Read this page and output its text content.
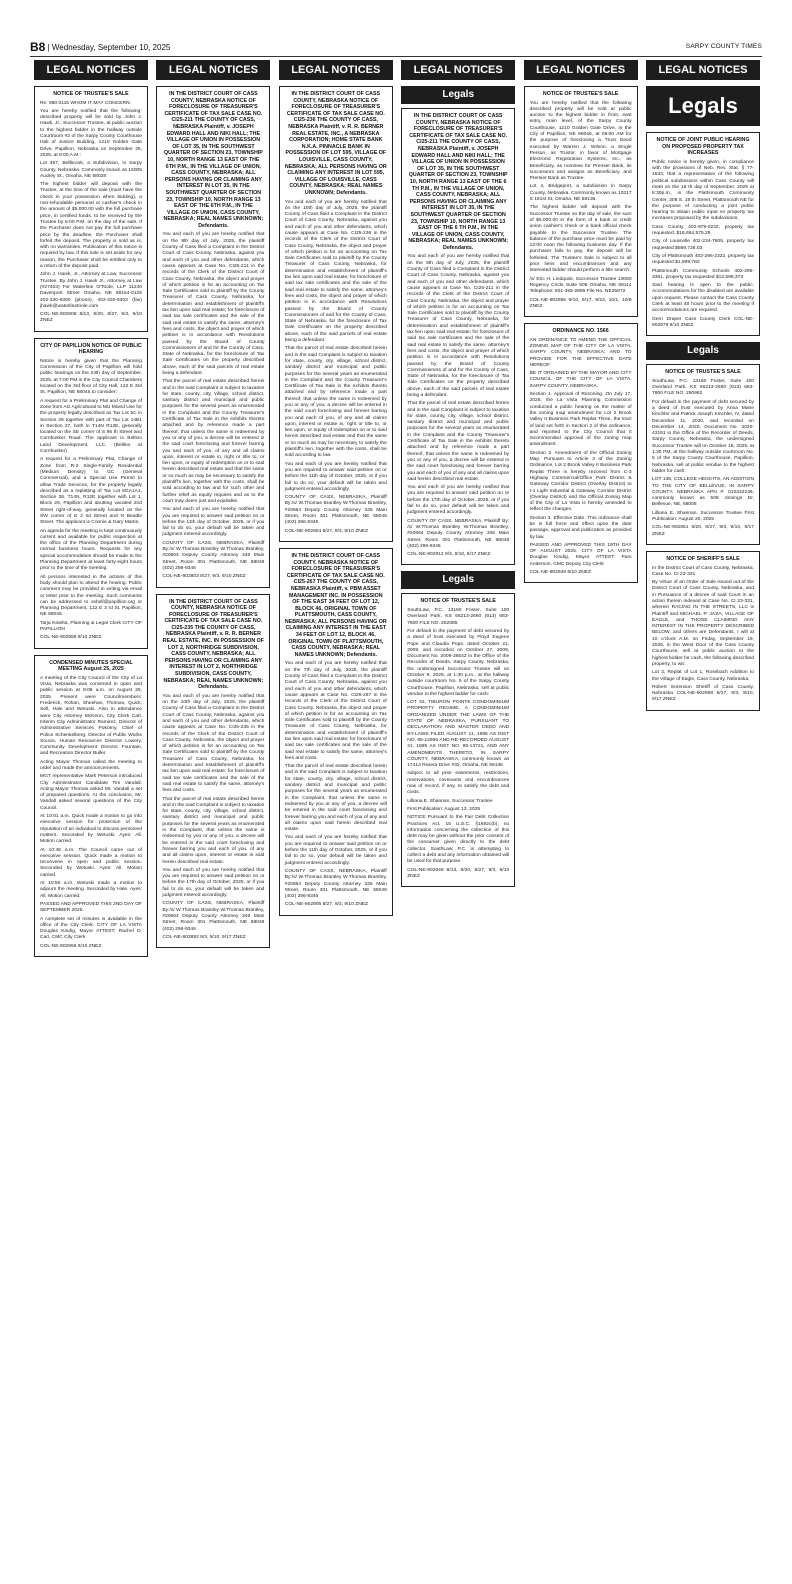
B8 | Wednesday, September 10, 2025	SARPY COUNTY TIMES
LEGAL NOTICES
NOTICE OF TRUSTEE'S SALE

Re: 880.0115 WHOM IT MAY CONCERN:

You are hereby notified that the following-described property will be sold by John J. Hawk, Jr., Successor Trustee, at public auction to the highest bidder in the hallway outside Courtroom #2 of the Sarpy County Courthouse Hall of Justice Building, 1210 Golden Gate Drive, Papillion, Nebraska on September 25, 2025, at 9:00 A.M.:

Lot 457, Bellbrook, a Subdivision, in Sarpy County, Nebraska. Commonly known as 15005 Audrey St., Omaha, NE 68028

The highest bidder will deposit with the Trustee, at the time of the sale (must have the check in your possession when bidding), a non-refundable personal or cashier's check in the amount of $5,000.00 with the full purchase price, in certified funds, to be received by the Trustee by 5:00 P.M. on the day of the sale. If the Purchaser does not pay the full purchase price by the deadline, the Purchaser shall forfeit the deposit. The property is sold as is, with no warranties. Publication of this notice is required by law. If this sale is set aside for any reason, the Purchaser shall be entitled only to a return of the deposit paid.

John J. Hawk, Jr., Attorney at Law, Successor Trustee, By John J. Hawk Jr., Attorney at Law (#27403) For Waterline O'Toole, LLP 11240 Davenport Street Omaha, NE 68154-0125 402-330-6300 (phone), 402-330-6303 (fax) jhawk@waterlinetoole.com

COL-NE-902808 8/13, 8/20, 8/27, 9/3, 9/10 ZNEZ

CITY OF PAPILLION NOTICE OF PUBLIC HEARING

Notice is hereby given that the Planning Commission of the City of Papillion will hold public hearings on the 24th day of September, 2025, at 7:00 PM in the City Council Chambers located on the 3rd floor of City Hall, 122 E 3rd St, Papillion, NE 68046 to consider:

A request for a Preliminary Plat and Change of Zone from AG Agricultural to MU Mixed Use for the property legally described as Tax Lot 5C in Section 28 together with part of Tax Lot 14B1 in Section 27, both in T14N R12E, generally located on the SE corner of S 96 th Street and Cornhusker Road. The applicant is Bellino Land Development, LLC. (Bellino at Cornhusker)

A request for a Preliminary Plat, Change of Zone from R-2 Single-Family Residential (Medium Density) to GC (General Commercial), and a Special Use Permit to allow Trade Services, for the property legally described as a replatting of Tax Lot 8GA1A1, Section 26, T14N, R12E together with Lot 1, Block 26, Papillion and abutting vacated 2nd Street right-of-way, generally located on the SW corner of E 2 nd Street and N Beadle Street. The applicant is Connie & Gary Martin.

An agenda for the meeting is kept continuously current and available for public inspection at the office of the Planning Department during normal business hours. Requests for any special accommodation should be made to the Planning Department at least forty-eight hours prior to the time of the meeting.

All persons interested in the actions of this body should plan to attend the hearing. Public comment may be provided in writing via email or letter prior to the meeting. Such comments can be addressed to sshell@papillion.org or Planning Department, 122 E 3 rd St, Papillion, NE 68046.

Tarja Kotelta, Planning & Legal Clerk CITY OF PAPILLION

COL-NE-902958 9/10 ZNEZ

CONDENSED MINUTES SPECIAL MEETING August 25, 2025

A meeting of the City Council of the City of La Vista, Nebraska was convened in open and public session at 9:08 a.m. on August 25, 2025. Present were Councilmembers: Frederick, Rohan, Sheehan, Thomas, Quick, Sell, Hale and Wetuski. Also in attendance were City Attorney McKeon, City Clerk Carl, Interim City Administrator Ramirez, Director of Administrative Services Pokorny, Chief of Police Schenkelberg, Director of Public Works Soucie, Human Resources Director Lowery, Community Development Director Fountain, and Recreation Director Buller.

Acting Mayor Thomas called the meeting to order and made the announcements.

MGT representative Mark Peterson introduced City Administrator Candidate Tim Vandall. Acting Mayor Thomas asked Mr. Vandall a set of prepared questions. At the conclusion, Mr. Vandall asked several questions of the City Council.

At 10:01 a.m. Quick made a motion to go into executive session for protection of the reputation of an individual to discuss personnel matters. Seconded by Wetuski. Ayes: All. Motion carried.

At 10:48 a.m. The Council came out of executive session. Quick made a motion to reconvene in open and public session. Seconded by Wetuski. Ayes: All. Motion carried.

At 10:50 a.m. Wetuski made a motion to adjourn the meeting. Seconded by Hale. Ayes: All. Motion carried.

PASSED AND APPROVED THIS 2ND DAY OF SEPTEMBER 2025.

A complete set of minutes is available in the office of the City Clerk. CITY OF LA VISTA Douglas Kindig, Mayor ATTEST: Rachel D. Carl, CMC City Clerk

COL-NE-902956 9/10 ZNEZ

LEGAL NOTICES
IN THE DISTRICT COURT OF CASS COUNTY, NEBRASKA NOTICE OF FORECLOSURE OF TREASURER'S CERTIFICATE OF TAX SALE CASE NO. CI25-211 THE COUNTY OF CASS, NEBRASKA Plaintiff, v. JOSEPH EDWARD HALL AND NIKI HALL; THE VILLAGE OF UNION IN POSSESSION OF LOT 35, IN THE SOUTHWEST QUARTER OF SECTION 23, TOWNSHIP 10, NORTH RANGE 13 EAST OF THE 6TH P.M., IN THE VILLAGE OF UNION, CASS COUNTY, NEBRASKA; ALL PERSONS HAVING OR CLAIMING ANY INTEREST IN LOT 35, IN THE SOUTHWEST QUARTER OF SECTION 23, TOWNSHIP 10, NORTH RANGE 13 EAST OF THE 6TH P.M., IN THE VILLAGE OF UNION, CASS COUNTY, NEBRASKA; REAL NAMES UNKNOWN; Defendants.

You and each of you are hereby notified that on the 8th day of July, 2025, the plaintiff County of Cass filed a Complaint in the District Court of Cass County, Nebraska, against you and each of you and other defendants, which cause appears at Case No. CI25-211 in the records of the Clerk of the District Court of Cass County, Nebraska, the object and prayer of which petition is for an accounting on Tax Sale Certificates sold to plaintiff by the County Treasurer of Cass County, Nebraska, for determination and establishment of plaintiff's tax lien upon said real estate; for foreclosure of said tax sale certificates and the sale of the said real estate to satisfy the same, attorney's fees and costs, the object and prayer of which petition is in accordance with Resolutions passed by the Board of County Commissioners of and for the County of Cass, State of Nebraska, for the foreclosure of Tax Sale Certificates on the property described above, each of the said parcels of real estate being a defendant.

That the parcel of real estate described herein and in the said Complaint is subject to taxation for state, county, city, village, school district, sanitary district and municipal and public purposes for the several years as enumerated in the Complaint and the County Treasurer's Certificate of Tax Sale in the exhibits thereto attached and by reference made a part thereof, that unless the same is redeemed by you or any of you, a decree will be entered in the said court foreclosing and forever barring you and each of you, of any and all claims upon, interest or estate in, right or title to, or lien upon, or equity of redemption on or to said herein described real estate and that the same or so much as may be necessary to satisfy the plaintiff's lien, together with the costs, shall be sold according to law and for such other and further relief as equity requires and as to the court may deem just and equitable.

You and each of you are hereby notified that you are required to answer said petition on or before the 11th day of October, 2025, or if you fail to do so, your default will be taken and judgment entered accordingly.

COUNTY OF CASS, NEBRASKA, Plaintiff By:/s/ W.Thomas Brantley W.Thomas Brantley, #20664 Deputy County Attorney 346 Main Street, Room 301 Plattsmouth, NE 68048 (402) 296-9346

COL-NE-902803 8/27, 9/3, 9/10 ZNEZ

IN THE DISTRICT COURT OF CASS COUNTY, NEBRASKA NOTICE OF FORECLOSURE OF TREASURER'S CERTIFICATE OF TAX SALE CASE NO. CI25-235 THE COUNTY OF CASS, NEBRASKA Plaintiff, v. R. R. BERNER REAL ESTATE, INC. IN POSSESSION OF LOT 2, NORTHRIDGE SUBDIVISION, CASS COUNTY, NEBRASKA; ALL PERSONS HAVING OR CLAIMING ANY INTEREST IN LOT 2, NORTHRIDGE SUBDIVISION, CASS COUNTY, NEBRASKA; REAL NAMES UNKNOWN; Defendants.

You and each of you are hereby notified that on the 10th day of July, 2025, the plaintiff County of Cass filed a Complaint in the District Court of Cass County, Nebraska, against you and each of you and other defendants, which cause appears at Case No. CI25-235 in the records of the Clerk of the District Court of Cass County, Nebraska, the object and prayer of which petition is for an accounting on Tax Sale Certificates sold to plaintiff by the County Treasurer of Cass County, Nebraska, for determination and establishment of plaintiff's tax lien upon said real estate; for foreclosure of said tax sale certificates and the sale of the said real estate to satisfy the same, attorney's fees and costs.

That the parcel of real estate described herein and in the said Complaint is subject to taxation for state, county, city, village, school district, sanitary district and municipal and public purposes for the several years as enumerated in the Complaint, that unless the same is redeemed by you or any of you, a decree will be entered in the said court foreclosing and forever barring you and each of you, of any and all claims upon, interest or estate in said herein described real estate.

You and each of you are hereby notified that you are required to answer said petition on or before the 17th day of October, 2025, or if you fail to do so, your default will be taken and judgment entered accordingly.

COUNTY OF CASS, NEBRASKA, Plaintiff By:/s/ W.Thomas Brantley W.Thomas Brantley, #20664 Deputy County Attorney 346 Main Street, Room 301 Plattsmouth, NE 68048 (402) 296-9346

COL-NE-902892 9/3, 9/10, 9/17 ZNEZ

LEGAL NOTICES
IN THE DISTRICT COURT OF CASS COUNTY, NEBRASKA NOTICE OF FORECLOSURE OF TREASURER'S CERTIFICATE OF TAX SALE CASE NO. CI25-236 THE COUNTY OF CASS, NEBRASKA Plaintiff, v. R. R. BERNER REAL ESTATE, INC., A NEBRASKA CORPORATION; HOME STATE BANK N.K.A. PINNACLE BANK IN POSSESSION OF LOT 595, VILLAGE OF LOUISVILLE, CASS COUNTY, NEBRASKA; ALL PERSONS HAVING OR CLAIMING ANY INTEREST IN LOT 595, VILLAGE OF LOUISVILLE, CASS COUNTY, NEBRASKA; REAL NAMES UNKNOWN; Defendants.

You and each of you are hereby notified that on the 10th day of July, 2025, the plaintiff County of Cass filed a Complaint in the District Court of Cass County, Nebraska, against you and each of you and other defendants, which cause appears at Case No. CI25-236 in the records of the Clerk of the District Court of Cass County, Nebraska, the object and prayer of which petition is for an accounting on Tax Sale Certificates sold to plaintiff by the County Treasurer of Cass County, Nebraska, for determination and establishment of plaintiff's tax lien upon said real estate; for foreclosure of said tax sale certificates and the sale of the said real estate to satisfy the same, attorney's fees and costs, the object and prayer of which petition is in accordance with Resolutions passed by the Board of County Commissioners of and for the County of Cass, State of Nebraska, for the foreclosure of Tax Sale Certificates on the property described above, each of the said parcels of real estate being a defendant.

That the parcel of real estate described herein and in the said Complaint is subject to taxation for state, county, city, village, school district, sanitary district and municipal and public purposes for the several years as enumerated in the Complaint and the County Treasurer's Certificate of Tax Sale in the exhibits thereto attached and by reference made a part thereof, that unless the same is redeemed by you or any of you, a decree will be entered in the said court foreclosing and forever barring you and each of you, of any and all claims upon, interest or estate in, right or title to, or lien upon, or equity of redemption on or to said herein described real estate and that the same or so much as may be necessary to satisfy the plaintiff's lien, together with the costs, shall be sold according to law.

You and each of you are hereby notified that you are required to answer said petition on or before the 11th day of October, 2025, or if you fail to do so, your default will be taken and judgment entered accordingly.

COUNTY OF CASS, NEBRASKA, Plaintiff By:/s/ W.Thomas Brantley W.Thomas Brantley, #20664 Deputy County Attorney 346 Main Street, Room 301 Plattsmouth, NE 68048 (402) 296-9346

COL-NE-902804 8/27, 9/3, 9/10 ZNEZ

IN THE DISTRICT COURT OF CASS COUNTY, NEBRASKA NOTICE OF FORECLOSURE OF TREASURER'S CERTIFICATE OF TAX SALE CASE NO. CI25-267 THE COUNTY OF CASS, NEBRASKA Plaintiff, v. PBM ASSET MANAGEMENT INC. IN POSSESSION OF THE EAST 34 FEET OF LOT 12, BLOCK 46, ORIGINAL TOWN OF PLATTSMOUTH, CASS COUNTY, NEBRASKA; ALL PERSONS HAVING OR CLAIMING ANY INTEREST IN THE EAST 34 FEET OF LOT 12, BLOCK 46, ORIGINAL TOWN OF PLATTSMOUTH, CASS COUNTY, NEBRASKA; REAL NAMES UNKNOWN; Defendants.

You and each of you are hereby notified that on the 7th day of July, 2025, the plaintiff County of Cass filed a Complaint in the District Court of Cass County, Nebraska, against you and each of you and other defendants, which cause appears at Case No. CI25-267 in the records of the Clerk of the District Court of Cass County, Nebraska, the object and prayer of which petition is for an accounting on Tax Sale Certificates sold to plaintiff by the County Treasurer of Cass County, Nebraska, for determination and establishment of plaintiff's tax lien upon said real estate; for foreclosure of said tax sale certificates and the sale of the said real estate to satisfy the same, attorney's fees and costs.

That the parcel of real estate described herein and in the said Complaint is subject to taxation for state, county, city, village, school district, sanitary district and municipal and public purposes for the several years as enumerated in the Complaint, that unless the same is redeemed by you or any of you, a decree will be entered in the said court foreclosing and forever barring you and each of you of any and all claims upon said herein described real estate.

You and each of you are hereby notified that you are required to answer said petition on or before the 11th day of October, 2025, or if you fail to do so, your default will be taken and judgment entered accordingly.

COUNTY OF CASS, NEBRASKA, Plaintiff By:/s/ W.Thomas Brantley W.Thomas Brantley, #20664 Deputy County Attorney 346 Main Street, Room 301 Plattsmouth, NE 68048 (402) 296-9346

COL-NE-902805 8/27, 9/3, 9/10 ZNEZ

LEGAL NOTICES
Legals
IN THE DISTRICT COURT OF CASS COUNTY, NEBRASKA NOTICE OF FORECLOSURE OF TREASURER'S CERTIFICATE OF TAX SALE CASE NO. CI25-211 THE COUNTY OF CASS, NEBRASKA Plaintiff, v. JOSEPH EDWARD HALL AND NIKI HALL; THE VILLAGE OF UNION IN POSSESSION OF LOT 35, IN THE SOUTHWEST QUARTER OF SECTION 23, TOWNSHIP 10, NORTH RANGE 13 EAST OF THE 6 TH P.M., IN THE VILLAGE OF UNION, CASS COUNTY, NEBRASKA; ALL PERSONS HAVING OR CLAIMING ANY INTEREST IN LOT 35, IN THE SOUTHWEST QUARTER OF SECTION 23, TOWNSHIP 10, NORTH RANGE 13 EAST OF THE 6 TH P.M., IN THE VILLAGE OF UNION, CASS COUNTY, NEBRASKA; REAL NAMES UNKNOWN; Defendants.

You and each of you are hereby notified that on the 8th day of July, 2025, the plaintiff County of Cass filed a Complaint in the District Court of Cass County, Nebraska, against you and each of you and other defendants, which cause appears at Case No. CI25-211 in the records of the Clerk of the District Court of Cass County, Nebraska, the object and prayer of which petition is for an accounting on Tax Sale Certificates sold to plaintiff by the County Treasurer of Cass County, Nebraska, for determination and establishment of plaintiff's tax lien upon said real estate; for foreclosure of said tax sale certificates and the sale of the said real estate to satisfy the same, attorney's fees and costs, the object and prayer of which petition is in accordance with Resolutions passed by the Board of County Commissioners of and for the County of Cass, State of Nebraska, for the foreclosure of Tax Sale Certificates on the property described above, each of the said parcels of real estate being a defendant.

That the parcel of real estate described herein and in the said Complaint is subject to taxation for state, county, city, village, school district, sanitary district and municipal and public purposes for the several years as enumerated in the Complaint and the County Treasurer's Certificate of Tax Sale in the exhibits thereto attached and by reference made a part thereof, that unless the same is redeemed by you or any of you, a decree will be entered in the said court foreclosing and forever barring you and each of you of any and all claims upon said herein described real estate.

You and each of you are hereby notified that you are required to answer said petition on or before the 17th day of October, 2025, or if you fail to do so, your default will be taken and judgment entered accordingly.

COUNTY OF CASS, NEBRASKA, Plaintiff By: /s/ W.Thomas Brantley W.Thomas Brantley, #20664 Deputy County Attorney 346 Main Street, Room 301 Plattsmouth, NE 68048 (402) 296-9346

COL-NE-902912 9/3, 9/10, 9/17 ZNEZ

Legals
NOTICE OF TRUSTEE'S SALE

SouthLaw, P.C. 13160 Foster, Suite 100 Overland Park, KS 66213-2660 (913) 663-7600 FILE NO. 252085

For default in the payment of debt secured by a deed of trust executed by Floyd Eugene Pope and Claudia Pope, dated October 21, 2009, and recorded on October 27, 2009, Document No. 2009-36542 in the Office of the Recorder of Deeds, Sarpy County, Nebraska, the undersigned Successor Trustee will on October 9, 2025, at 1:30 p.m., at the hallway outside courtroom No. 5 of the Sarpy County Courthouse, Papillion, Nebraska, sell at public vendue to the highest bidder for cash:

LOT 32, TIBURON POINTE CONDOMINIUM PROPERTY REGIME, A CONDOMINIUM ORGANIZED UNDER THE LAWS OF THE STATE OF NEBRASKA, PURSUANT TO DECLARATION AND MASTER DEED AND BY-LAWS FILED AUGUST 11, 1995 AS INST NO. 95-12965 AND RE-RECORDED AUGUST 21, 1995 AS INST NO. 95-13721, AND ANY AMENDMENTS THERETO, IN SARPY COUNTY, NEBRASKA, commonly known as 17414 Riviera Drive #32, Omaha, NE 68136

subject to all prior easements, restrictions, reservations, covenants and encumbrances now of record, if any, to satisfy the debt and costs.

Lilliana E. Shannan, Successor Trustee

First Publication: August 13, 2025

NOTICE Pursuant to the Fair Debt Collection Practices Act, 15 U.S.C. §1692c(b), no information concerning the collection of this debt may be given without the prior consent of the consumer given directly to the debt collector. SouthLaw, P.C. is attempting to collect a debt and any information obtained will be used for that purpose.

COL-NE-902646 8/13, 8/20, 8/27, 9/3, 9/10 ZNEZ

LEGAL NOTICES
NOTICE OF TRUSTEE'S SALE

You are hereby notified that the following described property will be sold at public auction to the highest bidder in front, east entry, main level, of the Sarpy County Courthouse, 1210 Golden Gate Drive, in the City of Papillion, NE 68046, at 09:00 AM for the purpose of foreclosing a Trust Deed executed by Warren J. Wilson, a Single Person, as Trustor, in favor of Mortgage Electronic Registration Systems, Inc., as Beneficiary, as nominee for Premier Bank, its successors and assigns as Beneficiary, and Premier Bank as Trustee.

Lot 4, Bridgeport, a subdivision in Sarpy County, Nebraska. Commonly known as 10317 S 181st St, Omaha, NE 68136.

The highest bidder will deposit with the Successor Trustee on the day of sale, the sum of $5,000.00 in the form of a bank or credit union cashier's check or a bank official check payable to the Successor Trustee. The balance of the purchase price must be paid by 12:00 noon the following business day. If the purchaser fails to pay, the deposit will be forfeited. The Trustee's Sale is subject to all prior liens and encumbrances and any interested bidder should perform a title search.

/s/ Eric H. Lindquist, Successor Trustee 10050 Regency Circle Suite 505 Omaha, NE 68114 Telephone: 601-355-2896 File No. NE25872

COL-NE-902955 9/10, 9/17, 9/24, 10/1, 10/8 ZNEZ

ORDINANCE NO. 1566

AN ORDINANCE TO AMEND THE OFFICIAL ZONING MAP OF THE CITY OF LA VISTA, SARPY COUNTY, NEBRASKA; AND TO PROVIDE FOR THE EFFECTIVE DATE HEREOF.

BE IT ORDAINED BY THE MAYOR AND CITY COUNCIL OF THE CITY OF LA VISTA, SARPY COUNTY, NEBRASKA.

Section 1. Approval of Rezoning. On July 17, 2025, the La Vista Planning Commission conducted a public hearing on the matter of the zoning map amendment for Lot 2 Brook Valley II Business Park Replat Three, the tract of land set forth in Section 2 of this ordinance, and reported to the City Council that it recommended approval of the zoning map amendment.

Section 2. Amendment of the Official Zoning Map. Pursuant to Article 3 of the Zoning Ordinance, Lot 2 Brook Valley II Business Park Replat Three is hereby rezoned from C-3 Highway Commercial/Office Park District & Gateway Corridor District (Overlay District) to I-1 Light Industrial & Gateway Corridor District (Overlay District) and the Official Zoning Map of the City of La Vista is hereby amended to reflect the changes.

Section 3. Effective Date. This ordinance shall be in full force and effect upon the date passage, approval and publication as provided by law.

PASSED AND APPROVED THIS 19TH DAY OF AUGUST 2025. CITY OF LA VISTA Douglas Kindig, Mayor ATTEST: Pam Anderson, CMC Deputy City Clerk

COL-NE-902928 9/10 ZNEZ

LEGAL NOTICES
Legals
NOTICE OF JOINT PUBLIC HEARING ON PROPOSED PROPERTY TAX INCREASES

Public notice is hereby given, in compliance with the provisions of Neb. Rev. Stat. § 77-1633, that a representative of the following political subdivisions within Cass County will meet on the 18 th day of September, 2025 at 6:30p.m., in the Plattsmouth Community Center, 308 S. 18 th Street, Plattsmouth NE for the purpose of conducting a joint public hearing to obtain public input on property tax increases proposed by the subdivisions.

Cass County 402-979-0232, property tax requested: $18,664,575.29

City of Louisville 402-234-7605, property tax requested $589,726.03

City of Plattsmouth 402-296-2322, property tax requested $1,999,760

Plattsmouth Community Schools 402-296-3361, property tax requested $12,596,373

Said hearing is open to the public. Accommodations for the disabled are available upon request. Please contact the Cass County Clerk at least 48 hours prior to the meeting if accommodations are required.

Gerri Draper Cass County Clerk COL-NE-902979 9/10 ZNEZ

Legals
NOTICE OF TRUSTEE'S SALE

SouthLaw, P.C. 13160 Foster, Suite 100 Overland Park, KS 66213-2660 (913) 663-7600 FILE NO. 250982

For default in the payment of debt secured by a deed of trust executed by Anna Marie Kinchler and Patrick Joseph Kinchler, IV, dated December 11, 2020, and recorded on December 14, 2020, Document No. 2020-43191 in the Office of the Recorder of Deeds, Sarpy County, Nebraska, the undersigned Successor Trustee will on October 16, 2025, at 1:30 PM, at the hallway outside courtroom No. 5 of the Sarpy County Courthouse, Papillion, Nebraska, sell at public vendue to the highest bidder for cash:

LOT 138, COLLEGE HEIGHTS, AN ADDITION TO THE CITY OF BELLEVUE, IN SARPY COUNTY, NEBRASKA APN #: 010432246, commonly known as 508 Jinnings Dr, Bellevue, NE, 68005

Lilliana E. Shannan, Successor Trustee First Publication: August 20, 2025

COL-NE-902851 8/20, 8/27, 9/3, 9/10, 9/17 ZNEZ

NOTICE OF SHERIFF'S SALE

In the District Court of Cass County, Nebraska. Case No. CI 23-331

By Virtue of an Order of Sale issued out of the District Court of Cass County, Nebraska, and in Pursuance of a decree of said Court in an action therein indexed at Case No. CI 23-331, wherein RACING IN THE STREETS, LLC is Plaintiff and MICHAEL P. JASA, VILLAGE OF EAGLE, and THOSE CLAIMING ANY INTEREST IN THE PROPERTY DESCRIBED BELOW, and others are Defendants, I will at 10 o'clock A.M. on Friday, September 19, 2025, in the West Door of the Cass County Courthouse, sell at public auction to the highest bidder for cash, the following described property, to wit:

Lot 3, Replat of Lot 1, Rosebach Addition to the Village of Eagle, Cass County, Nebraska.

Robert Sorenson Sheriff of Cass County, Nebraska COL-NE-902958 8/27, 9/3, 9/10, 9/17 ZNEZ
